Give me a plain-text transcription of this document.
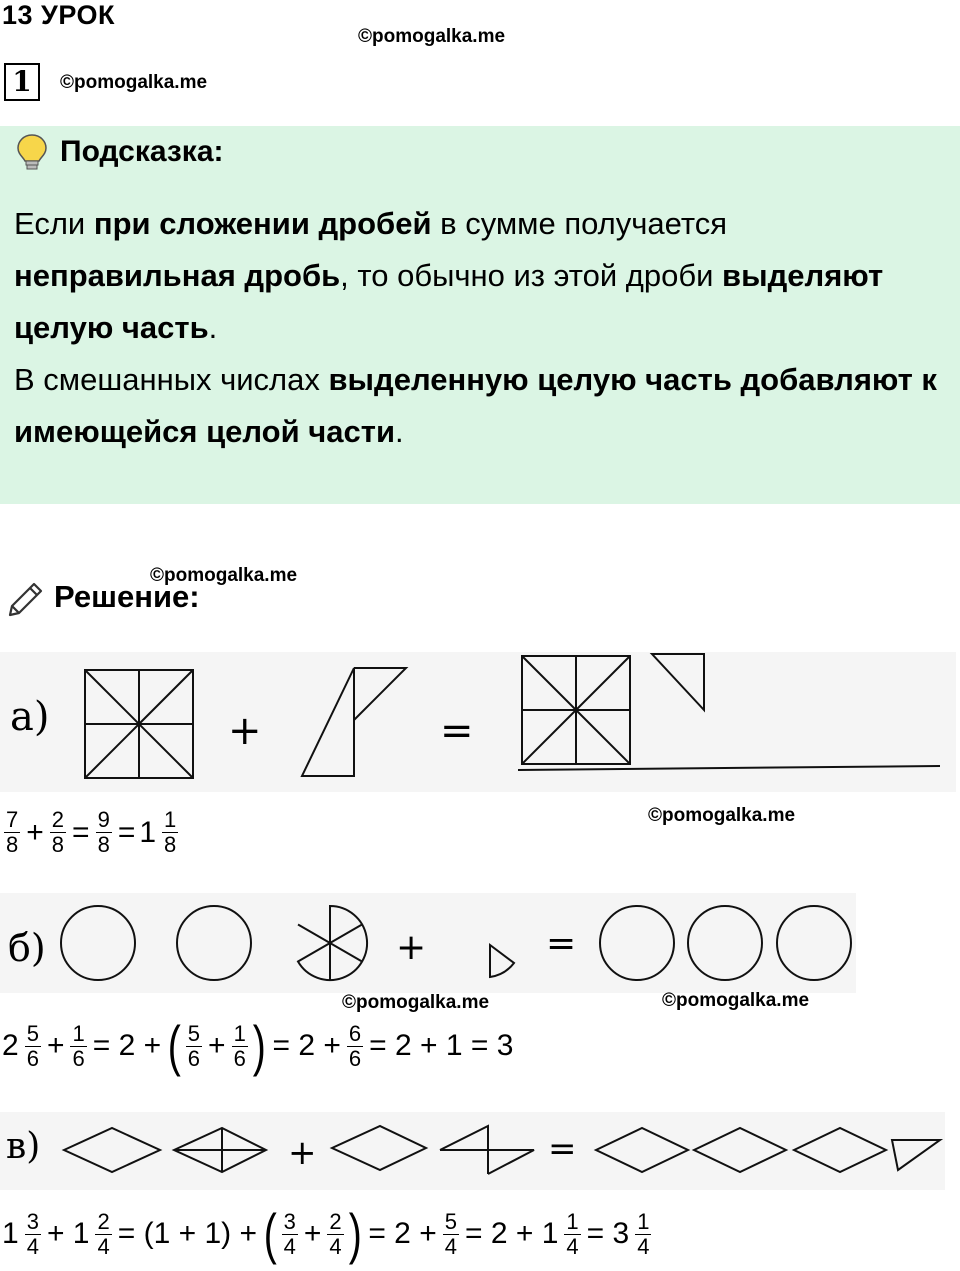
13 УРОК
©pomogalka.me
1	©pomogalka.me
Подсказка:
Если при сложении дробей в сумме получается неправильная дробь, то обычно из этой дроби выделяют целую часть.
В смешанных числах выделенную целую часть добавляют к имеющейся целой части.
©pomogalka.me
Решение:
а)	+	=
$\frac{7}{8} + \frac{2}{8} = \frac{9}{8} = 1 \frac{1}{8}$	©pomogalka.me
б)	+	=
©pomogalka.me	©pomogalka.me
$2 \frac{5}{6} + \frac{1}{6} = 2$ + ( $\frac{5}{6} + \frac{1}{6}$ ) = $2 + \frac{6}{6} = 2 + 1 = 3$
в)	+	=
$1 \frac{3}{4} + 1 \frac{2}{4} = (1 + 1)$ + ( $\frac{3}{4} + \frac{2}{4}$ ) = $2 + \frac{5}{4} = 2 + 1 \frac{1}{4} = 3 \frac{1}{4}$
